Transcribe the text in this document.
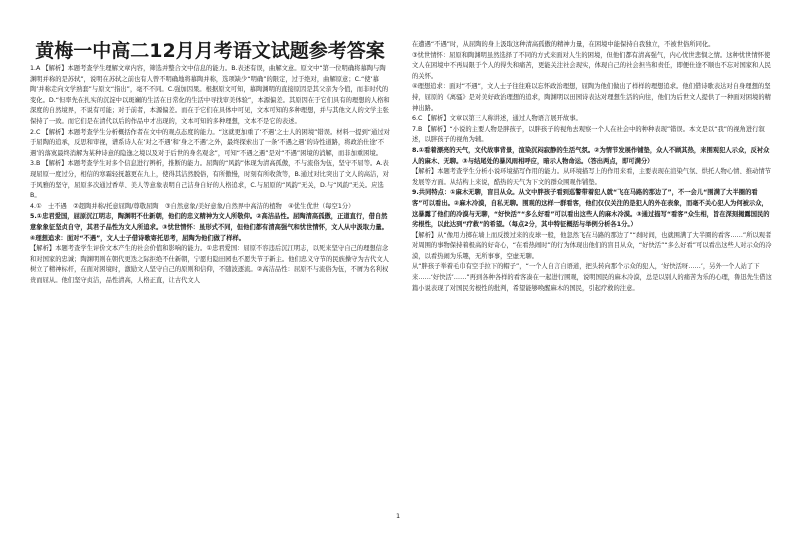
黄梅一中高二12月月考语文试题参考答案

1.A 【解析】本题考查学生理解文章内容，筛选并整合文中信息的能力。B.表述有误，曲解文意。原文中“第一位明确将慕陶与陶渊明并称的是苏轼”，说明在苏轼之前也有人曾不明确地将慕陶并称，选项缺少“明确”的限定，过于绝对，曲解原意；C.“使‘慕陶’并称走向文学熟套”与原文“指出”，毫不不同。C.强加因果。根据原文可知，慕陶渊明的直接原因是其父亲为今值，而非时代的变化。D.“但率先在扎实的沉淀中以斑斓的生活在日常化的生活中寻找审美体验”，本源偏差。其原因在于它们具有的理想的人格和深度的自然境界，不说有可能；对于前者，本源偏差。而在于它们在具体中可见，文本可知的多种理想，并与其他文人的文学主张保持了一致。而它们是在清代以后的作品中才出现的，文本可知的多种理想，文本不是它的表述。

2.C 【解析】本题考查学生分析概括作者在文中的观点态度的能力。“这就更加重了‘不遇’之士人的困境”错误。材料一提到“通过对于屈陶的追承，反思和审视，谱系诗人在‘对之不遇’和‘身之不遇’之外，最终探索出了一条‘不遇之遇’的诗性道路，将政治仕途‘不遇’的落寞最终消解为某种诗意的隐逸之境以及对于后世的身名观念”，可知“不遇之遇”是对“不遇”困境的消解，而非加重困境。

3.B 【解析】本题考查学生对多个信息进行辨析，推断的能力。屈陶的“风韵”体现为清高孤傲，不与流俗为伍，坚守不屈等。A.表现屈原一度过分，相信的寒霜轻抚越更在九上，使得其洁然脱俗，有所傲慢，时刻有所收敛等，B.通过对比突出了文人的高洁，对于风雅的坚守，屈原多次通过香草、美人等意象表明自己洁身自好的人格追求，C.与屈原的“风韵”无关，D.与“风韵”无关。应选B。

4.①　士不遇　②超陶并称/托意屈陶/尊敬屈陶　③自然意象/美好意象/自然界中高洁的植物　④优生优世（每空1分）

5.①忠君爱国，屈原沉江明志，陶渊明不仕新朝，他们的忠义精神为文人所敬仰。②高洁品性。屈陶清高孤傲，正道直行，借自然意象象征坚贞自守，其君子品性为文人所追求。③忧世情怀：虽形式不同，但他们都有清高强气和忧世情怀，文人从中汲取力量。④理想追求：面对“不遇”，文人士子借诗歌寄托思考，屈陶为他们做了样样。

【解析】本题考查学生评价文本产生的社会价值和影响的能力。①忠君爱国：屈原不容违后沉江明志，以死来坚守自己的理想信念和对国家的忠诚；陶渊明则在朝代更迭之际拒绝不仕新朝，宁愿归隐田园也不愿失节于新主。他们忠义守节的民族操守为古代文人树立了精神标杆，在面对困境时，激励文人坚守自己的原则和信仰，不随波逐流。②高洁品性：屈原不与流俗为伍，不屑为名利权贵而屈从。他们坚守贞洁，品性清高，人格正直，让古代文人

在遭遇“不遇”时，从屈陶的身上汲取这种清高孤傲的精神力量，在困境中能保持自我独立，不被世俗所同化。

③忧世情怀：屈原和陶渊明虽然选择了不同的方式来面对人生的困境，但他们都有清高强气，内心忧世悲悯之情。这种忧世情怀使文人在困境中不再局限于个人的得失和痛苦，更能关注社会现实，体现自己的社会担当和责任，即便仕途不顺也不忘对国家和人民的关怀。

④理想追求：面对“不遇”，文人士子往往难以忘怀政治理想，屈陶为他们做出了样样的理想追求。他们借诗歌表达对自身理想的坚持，屈原的《离骚》是对美好政治理想的追求，陶渊明以田园诗表达对理想生活的向往，他们为后世文人提供了一种面对困境的精神出路。

6.C 【解析】文章以第三人称讲述，通过人物语言展开故事。

7.B 【解析】“小说的主要人物是胖孩子，以胖孩子的视角去观察一个人在社会中的种种表现”错误。本文是以“我”的视角进行叙述，以胖孩子的视角为辅。

8.①看着漂亮的天气，文代故事背景，渲染沉闷寂静的生活气氛。②为情节发展作铺垫，众人不顾其热，来围观犯人示众，反衬众人的麻木、无聊。③与结尾处的暴风雨相呼应，暗示人物命运。（答出两点，即可满分）

【解析】本题考查学生分析小说环境描写作用的能力。从环境描写上的作用来看，主要表现在渲染气氛、烘托人物心情、推动情节发展等方面。从结构上来说，酷热的天气为下文的群众围观作铺垫。

9.共同特点：①麻木无聊，盲目从众。从文中胖孩子看到巡警带着犯人就“飞在马路的那边了”，不一会儿“围满了大半圈的看客”可以看出。②麻木冷漠，自私无聊。围观的这样一群看客，他们仅仅关注的是犯人的外在表象，而毫不关心犯人为何被示众，这暴露了他们的冷漠与无聊，“好快活”“多么好看”可以看出这些人的麻木冷漠。③通过描写“看客”众生相，旨在深刻揭露国民的劣根性，以此达到“疗救”的希望。（每点2分，其中特征概括与举例分析各1分。）

【解析】从“像用力掷在墙上而反拨过来的皮球一般，他忽然飞在马路的那边了”“刹时间，也就围满了大半圈的看客……”所以观者对周围的事物保持着极高的好奇心，“在看热闹时”的行为体现出他们的盲目从众，“好快活”“多么好看”可以看出这些人对示众的冷漠，以看热闹为乐趣，无所事事，空虚无聊。

从“胖孩子举着毛巾有空手拉下的帽子”，“一个人自言自语道，把头转向那个示众的犯人，‘好快活呀……’，另外一个人站了下来……‘好快活’……”再到各种各样的看客凑在一起进行围观，说明国民的麻木冷漠，总是以别人的痛苦为乐的心理，鲁迅先生借这篇小说表现了对国民劣根性的批判，希望能够唤醒麻木的国民，引起疗救的注意。

1
